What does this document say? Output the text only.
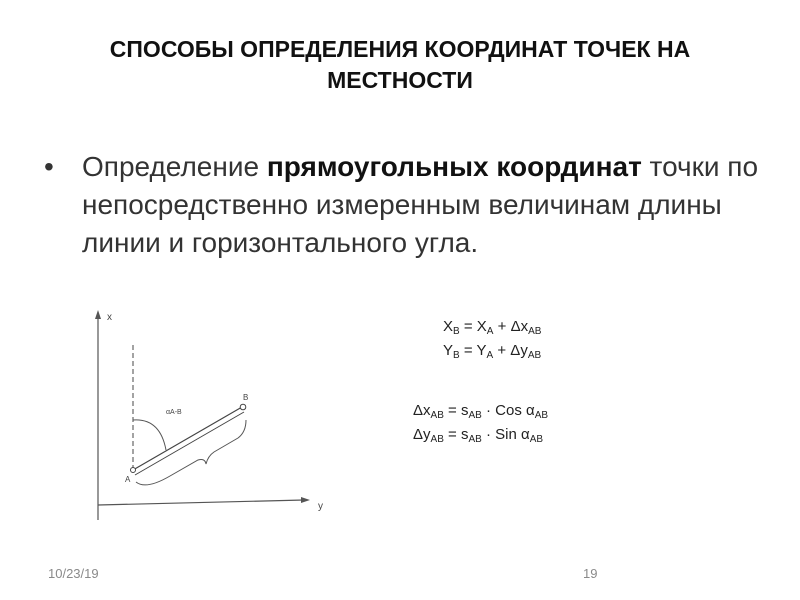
СПОСОБЫ ОПРЕДЕЛЕНИЯ КООРДИНАТ ТОЧЕК НА
МЕСТНОСТИ
• Определение прямоугольных координат точки по непосредственно измеренным величинам длины линии и горизонтального угла.
x
y
A
B
αA-B
$X_B = X_A + \Delta x_{AB}$
$Y_B = Y_A + \Delta y_{AB}$
$\Delta x_{AB} = s_{AB}$ · Cos $\alpha_{AB}$
$\Delta y_{AB} = s_{AB}$ · Sin $\alpha_{AB}$
10/23/19	19
